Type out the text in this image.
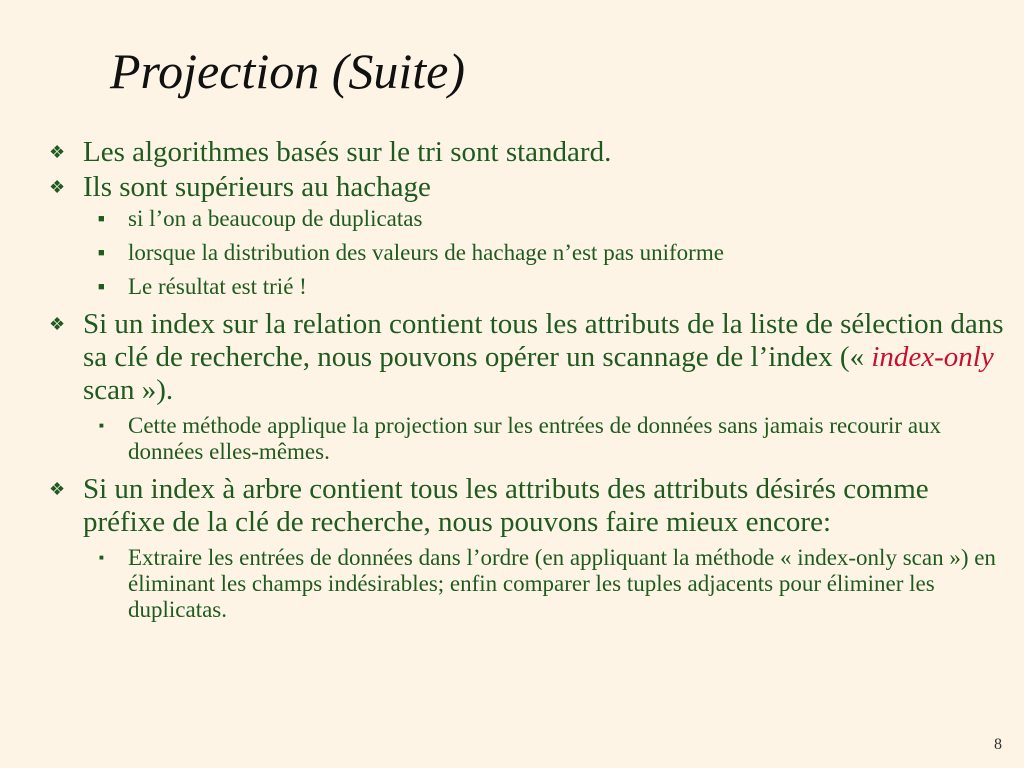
Projection (Suite)
❖ Les algorithmes basés sur le tri sont standard.
❖ Ils sont supérieurs au hachage
■ si l’on a beaucoup de duplicatas
■ lorsque la distribution des valeurs de hachage n’est pas uniforme
■ Le résultat est trié !
❖ Si un index sur la relation contient tous les attributs de la liste de sélection dans sa clé de recherche, nous pouvons opérer un scannage de l’index (« index-only scan »).
■ Cette méthode applique la projection sur les entrées de données sans jamais recourir aux données elles-mêmes.
❖ Si un index à arbre contient tous les attributs des attributs désirés comme préfixe de la clé de recherche, nous pouvons faire mieux encore:
■ Extraire les entrées de données dans l’ordre (en appliquant la méthode « index-only scan ») en éliminant les champs indésirables; enfin comparer les tuples adjacents pour éliminer les duplicatas.
8
